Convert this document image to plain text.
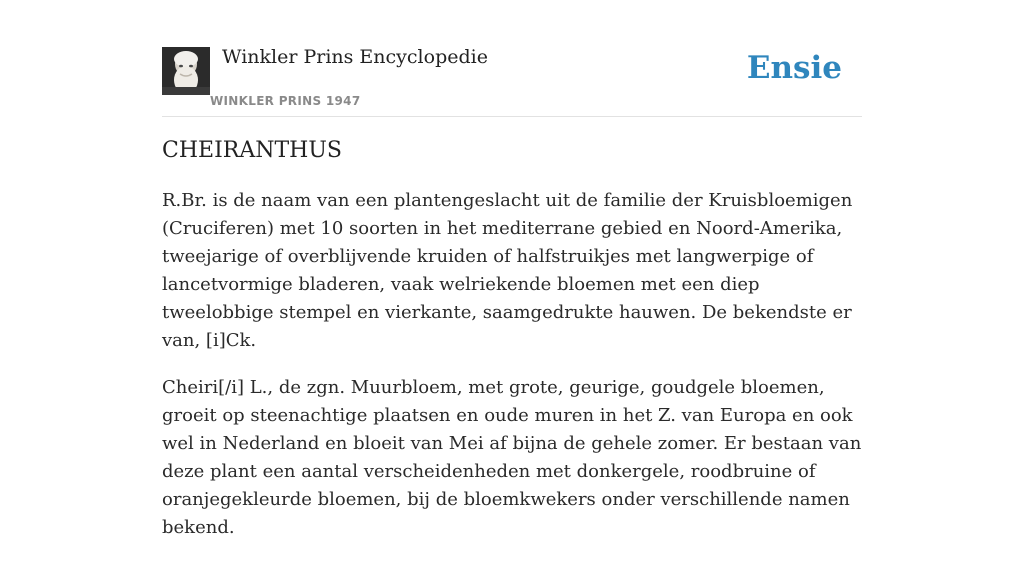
Winkler Prins Encyclopedie
WINKLER PRINS 1947
Ensie
CHEIRANTHUS

R.Br. is de naam van een plantengeslacht uit de familie der Kruisbloemigen (Cruciferen) met 10 soorten in het mediterrane gebied en Noord-Amerika, tweejarige of overblijvende kruiden of halfstruikjes met langwerpige of lancetvormige bladeren, vaak welriekende bloemen met een diep tweelobbige stempel en vierkante, saamgedrukte hauwen. De bekendste er van, [i]Ck.

Cheiri[/i] L., de zgn. Muurbloem, met grote, geurige, goudgele bloemen, groeit op steenachtige plaatsen en oude muren in het Z. van Europa en ook wel in Nederland en bloeit van Mei af bijna de gehele zomer. Er bestaan van deze plant een aantal verscheidenheden met donkergele, roodbruine of oranjegekleurde bloemen, bij de bloemkwekers onder verschillende namen bekend.
